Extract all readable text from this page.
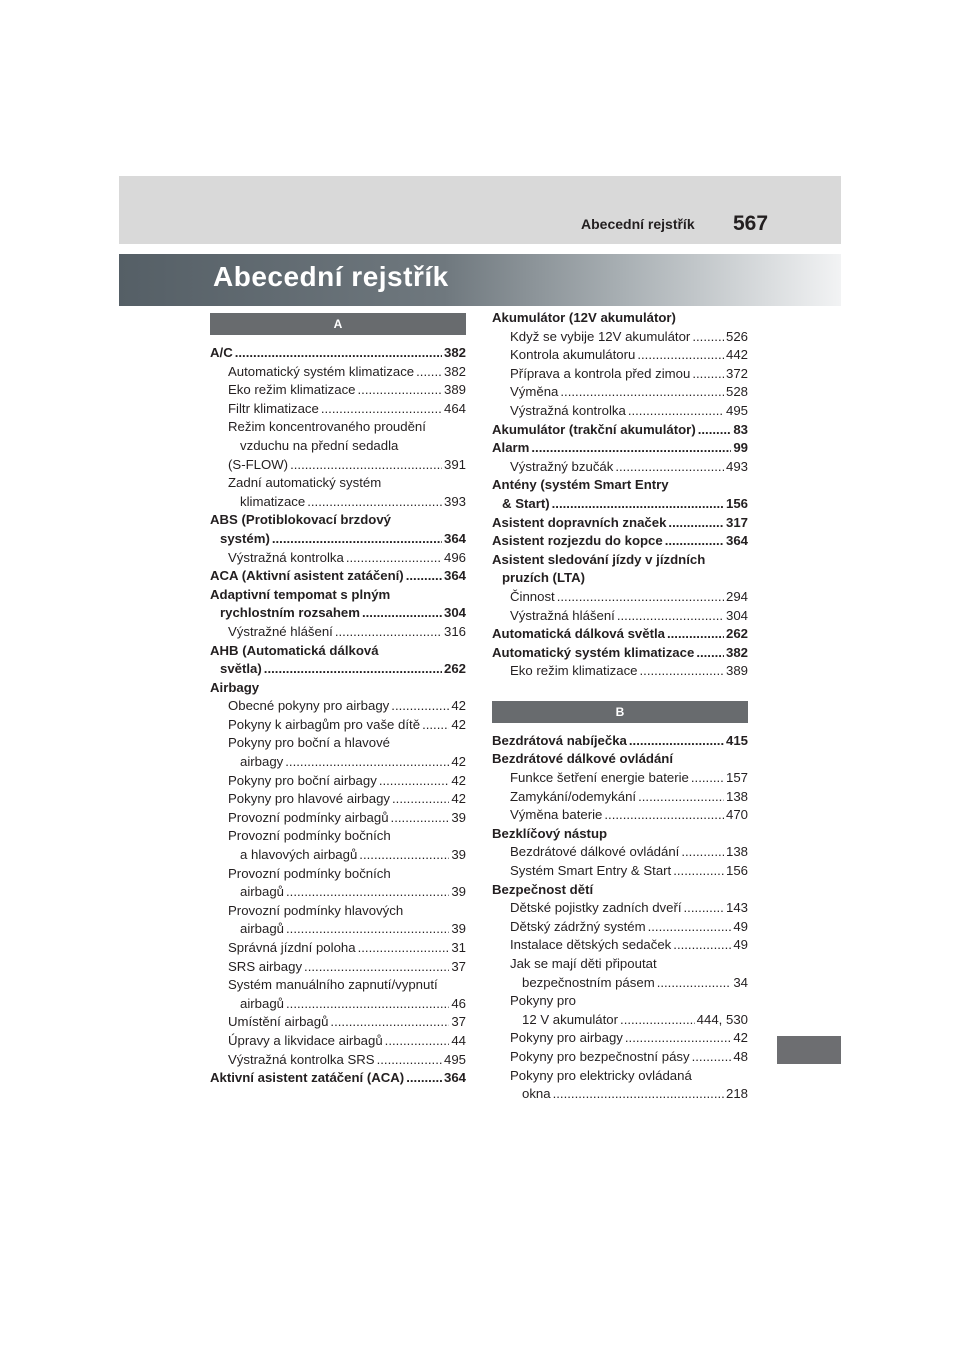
Abecední rejstřík 567
Abecední rejstřík
A
A/C .....	382
Automatický systém klimatizace ..... 382
Eko režim klimatizace .....	389
Filtr klimatizace .....	464
Režim koncentrovaného proudění
vzduchu na přední sedadla
(S-FLOW) .....	391
Zadní automatický systém
klimatizace .....	393
ABS (Protiblokovací brzdový
systém) .....	364
Výstražná kontrolka .....	496
ACA (Aktivní asistent zatáčení) .....	364
Adaptivní tempomat s plným
rychlostním rozsahem .....	304
Výstražné hlášení .....	316
AHB (Automatická dálková
světla) .....	262
Airbagy
Obecné pokyny pro airbagy .....	42
Pokyny k airbagům pro vaše dítě ..... 42
Pokyny pro boční a hlavové
airbagy .....	42
Pokyny pro boční airbagy .....	42
Pokyny pro hlavové airbagy .....	42
Provozní podmínky airbagů .....	39
Provozní podmínky bočních
a hlavových airbagů .....	39
Provozní podmínky bočních
airbagů .....	39
Provozní podmínky hlavových
airbagů .....	39
Správná jízdní poloha .....	31
SRS airbagy .....	37
Systém manuálního zapnutí/vypnutí
airbagů .....	46
Umístění airbagů .....	37
Úpravy a likvidace airbagů .....	44
Výstražná kontrolka SRS .....	495
Aktivní asistent zatáčení (ACA) .....	364
Akumulátor (12V akumulátor)
Když se vybije 12V akumulátor .....	526
Kontrola akumulátoru .....	442
Příprava a kontrola před zimou .....	372
Výměna .....	528
Výstražná kontrolka .....	495
Akumulátor (trakční akumulátor) .....	83
Alarm .....	99
Výstražný bzučák .....	493
Antény (systém Smart Entry
& Start) .....	156
Asistent dopravních značek .....	317
Asistent rozjezdu do kopce .....	364
Asistent sledování jízdy v jízdních
pruzích (LTA)
Činnost .....	294
Výstražná hlášení .....	304
Automatická dálková světla .....	262
Automatický systém klimatizace ..... 382
Eko režim klimatizace .....	389
B
Bezdrátová nabíječka .....	415
Bezdrátové dálkové ovládání
Funkce šetření energie baterie .....	157
Zamykání/odemykání .....	138
Výměna baterie .....	470
Bezklíčový nástup
Bezdrátové dálkové ovládání .....	138
Systém Smart Entry & Start .....	156
Bezpečnost dětí
Dětské pojistky zadních dveří .....	143
Dětský zádržný systém .....	49
Instalace dětských sedaček .....	49
Jak se mají děti připoutat
bezpečnostním pásem .....	34
Pokyny pro
12 V akumulátor .....	444, 530
Pokyny pro airbagy .....	42
Pokyny pro bezpečnostní pásy .....	48
Pokyny pro elektricky ovládaná
okna .....	218
